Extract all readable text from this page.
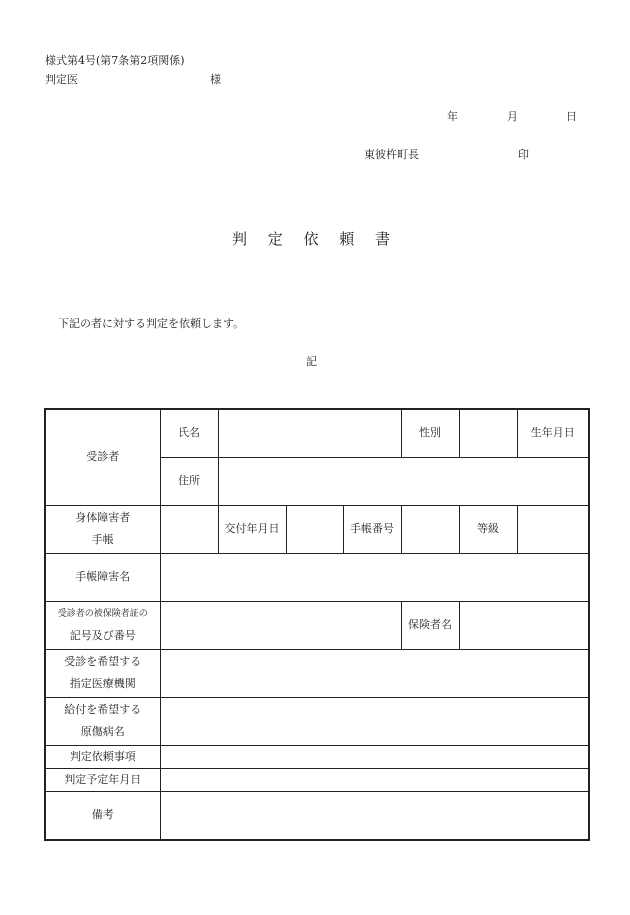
様式第4号(第7条第2項関係)
判定医	様
年	月	日
東彼杵町長	印
判 定 依 頼 書
下記の者に対する判定を依頼します。
記
受診者	氏名				性別		生年月日
	住所						

身体障害者
手帳		交付年月日		手帳番号		等級	
手帳障害名							

受診者の被保険者証の
記号及び番号					保険者名		

受診を希望する
指定医療機関							

給付を希望する
原傷病名							

判定依頼事項							
判定予定年月日							
備考							
